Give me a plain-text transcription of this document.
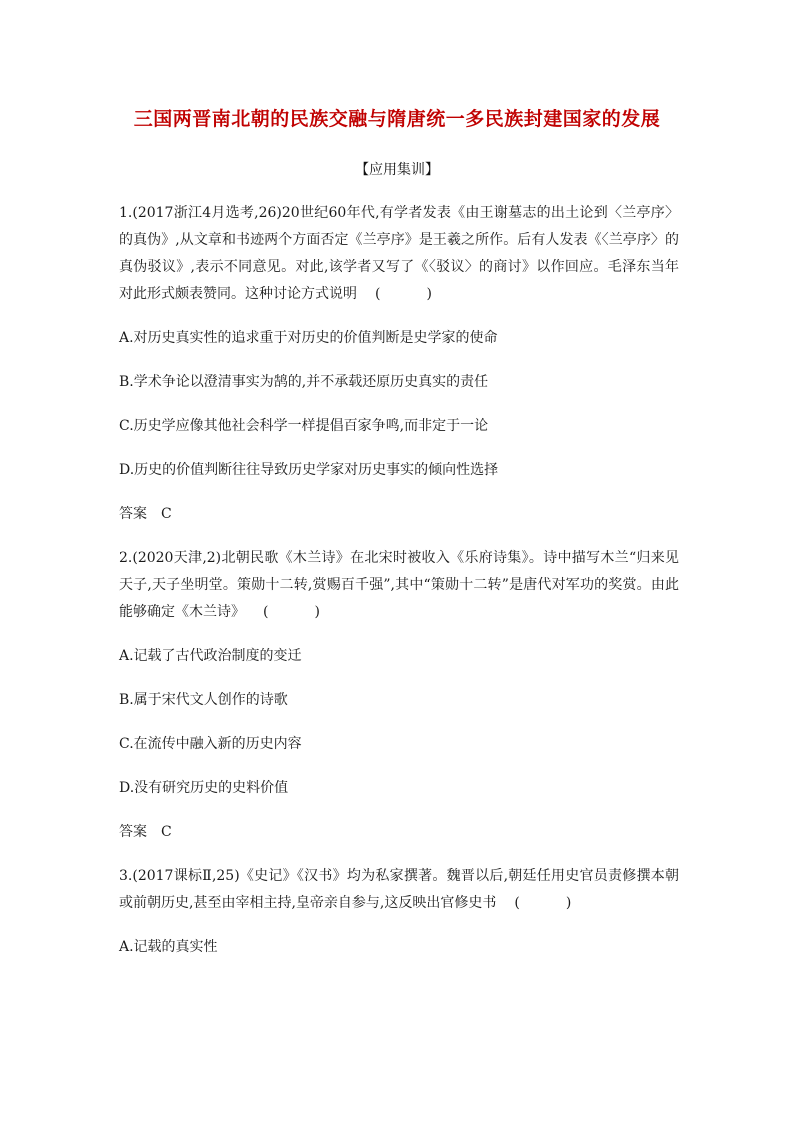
三国两晋南北朝的民族交融与隋唐统一多民族封建国家的发展
【应用集训】

1.(2017浙江4月选考,26)20世纪60年代,有学者发表《由王谢墓志的出土论到〈兰亭序〉的真伪》,从文章和书迹两个方面否定《兰亭序》是王羲之所作。后有人发表《〈兰亭序〉的真伪驳议》,表示不同意见。对此,该学者又写了《〈驳议〉的商讨》以作回应。毛泽东当年对此形式颇表赞同。这种讨论方式说明 (　　)

A.对历史真实性的追求重于对历史的价值判断是史学家的使命

B.学术争论以澄清事实为鹄的,并不承载还原历史真实的责任

C.历史学应像其他社会科学一样提倡百家争鸣,而非定于一论

D.历史的价值判断往往导致历史学家对历史事实的倾向性选择

答案 C

2.(2020天津,2)北朝民歌《木兰诗》在北宋时被收入《乐府诗集》。诗中描写木兰“归来见天子,天子坐明堂。策勋十二转,赏赐百千强”,其中“策勋十二转”是唐代对军功的奖赏。由此能够确定《木兰诗》 (　　)

A.记载了古代政治制度的变迁

B.属于宋代文人创作的诗歌

C.在流传中融入新的历史内容

D.没有研究历史的史料价值

答案 C

3.(2017课标Ⅱ,25)《史记》《汉书》均为私家撰著。魏晋以后,朝廷任用史官员责修撰本朝或前朝历史,甚至由宰相主持,皇帝亲自参与,这反映出官修史书 (　　)

A.记载的真实性
